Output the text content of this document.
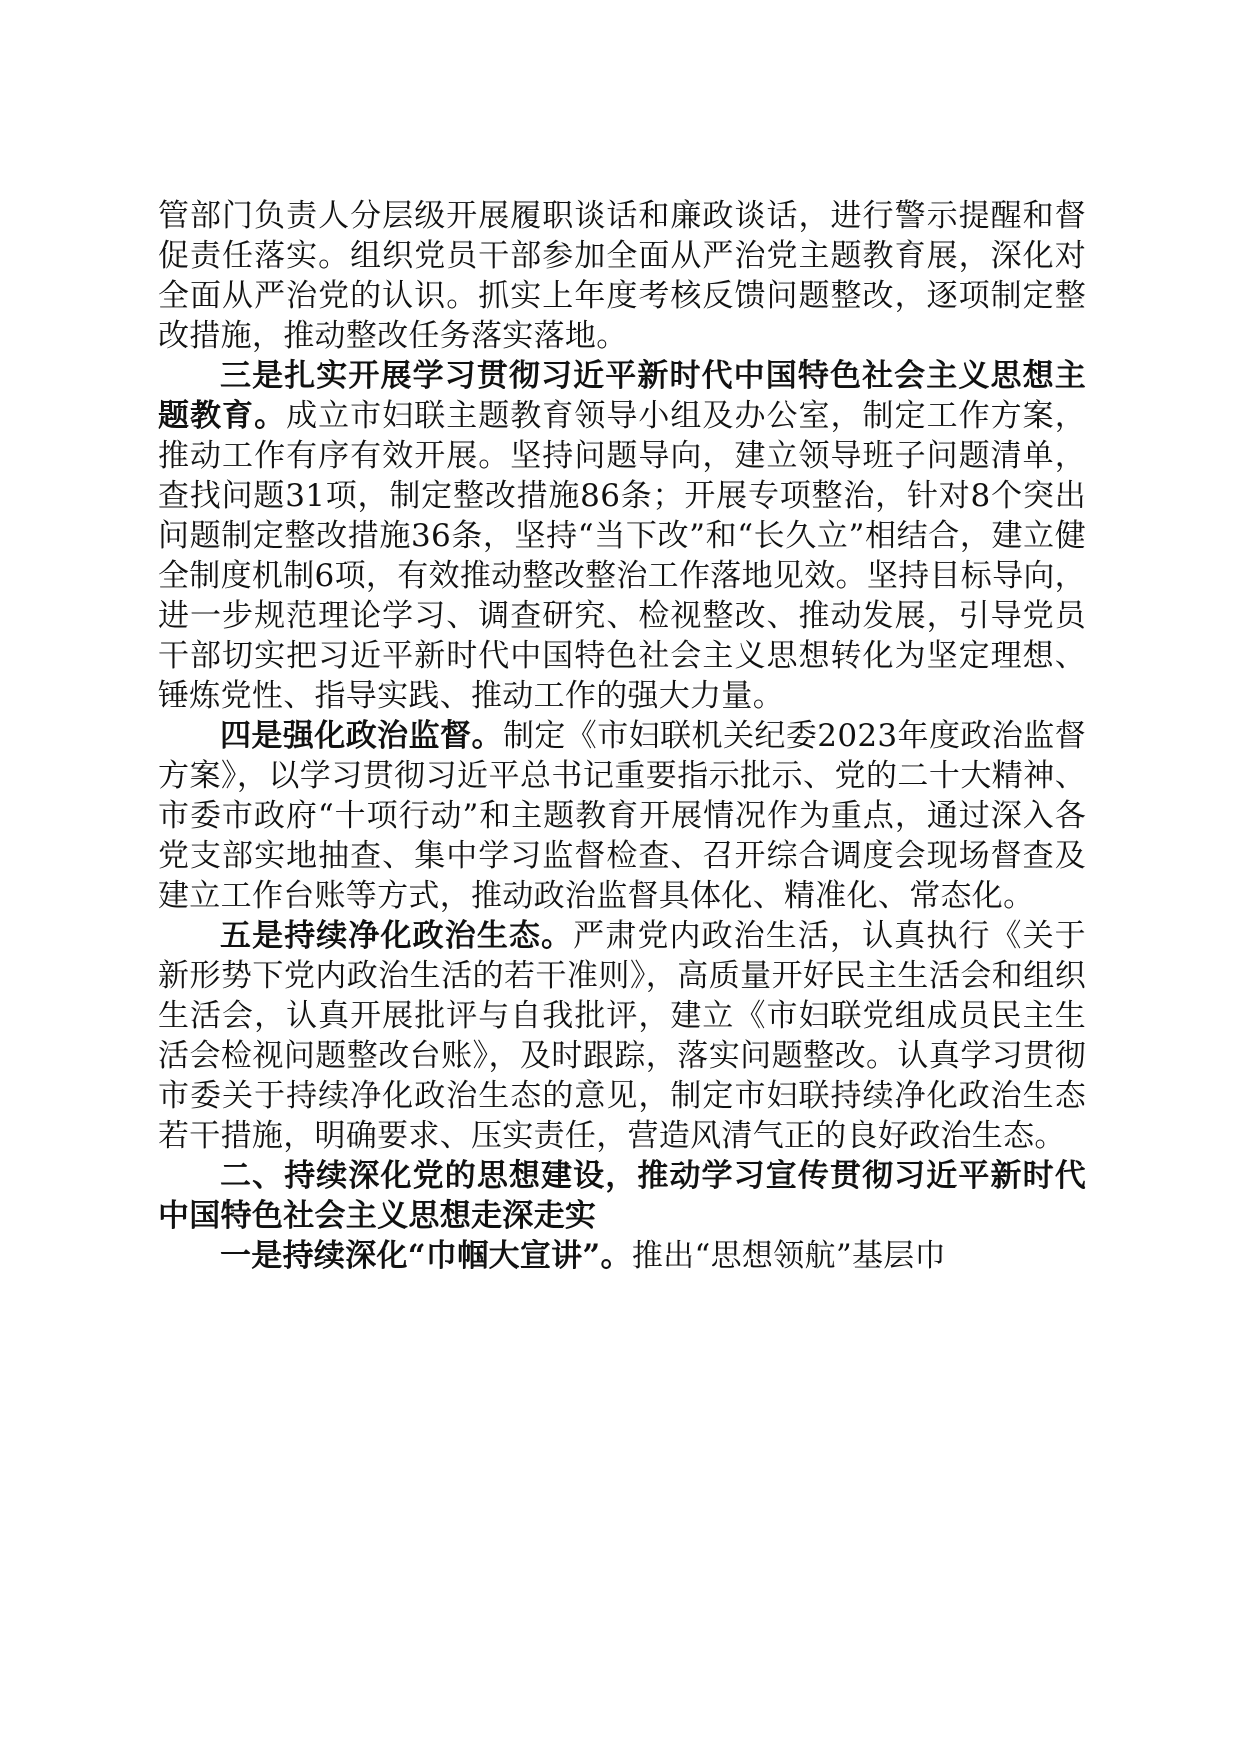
管部门负责人分层级开展履职谈话和廉政谈话，进行警示提醒和督促责任落实。组织党员干部参加全面从严治党主题教育展，深化对全面从严治党的认识。抓实上年度考核反馈问题整改，逐项制定整改措施，推动整改任务落实落地。

三是扎实开展学习贯彻习近平新时代中国特色社会主义思想主题教育。成立市妇联主题教育领导小组及办公室，制定工作方案，推动工作有序有效开展。坚持问题导向，建立领导班子问题清单，查找问题31项，制定整改措施86条；开展专项整治，针对8个突出问题制定整改措施36条，坚持“当下改”和“长久立”相结合，建立健全制度机制6项，有效推动整改整治工作落地见效。坚持目标导向，进一步规范理论学习、调查研究、检视整改、推动发展，引导党员干部切实把习近平新时代中国特色社会主义思想转化为坚定理想、锤炼党性、指导实践、推动工作的强大力量。

四是强化政治监督。制定《市妇联机关纪委2023年度政治监督方案》，以学习贯彻习近平总书记重要指示批示、党的二十大精神、市委市政府“十项行动”和主题教育开展情况作为重点，通过深入各党支部实地抽查、集中学习监督检查、召开综合调度会现场督查及建立工作台账等方式，推动政治监督具体化、精准化、常态化。

五是持续净化政治生态。严肃党内政治生活，认真执行《关于新形势下党内政治生活的若干准则》，高质量开好民主生活会和组织生活会，认真开展批评与自我批评，建立《市妇联党组成员民主生活会检视问题整改台账》，及时跟踪，落实问题整改。认真学习贯彻市委关于持续净化政治生态的意见，制定市妇联持续净化政治生态若干措施，明确要求、压实责任，营造风清气正的良好政治生态。

二、持续深化党的思想建设，推动学习宣传贯彻习近平新时代中国特色社会主义思想走深走实

一是持续深化“巾帼大宣讲”。推出“思想领航”基层巾
